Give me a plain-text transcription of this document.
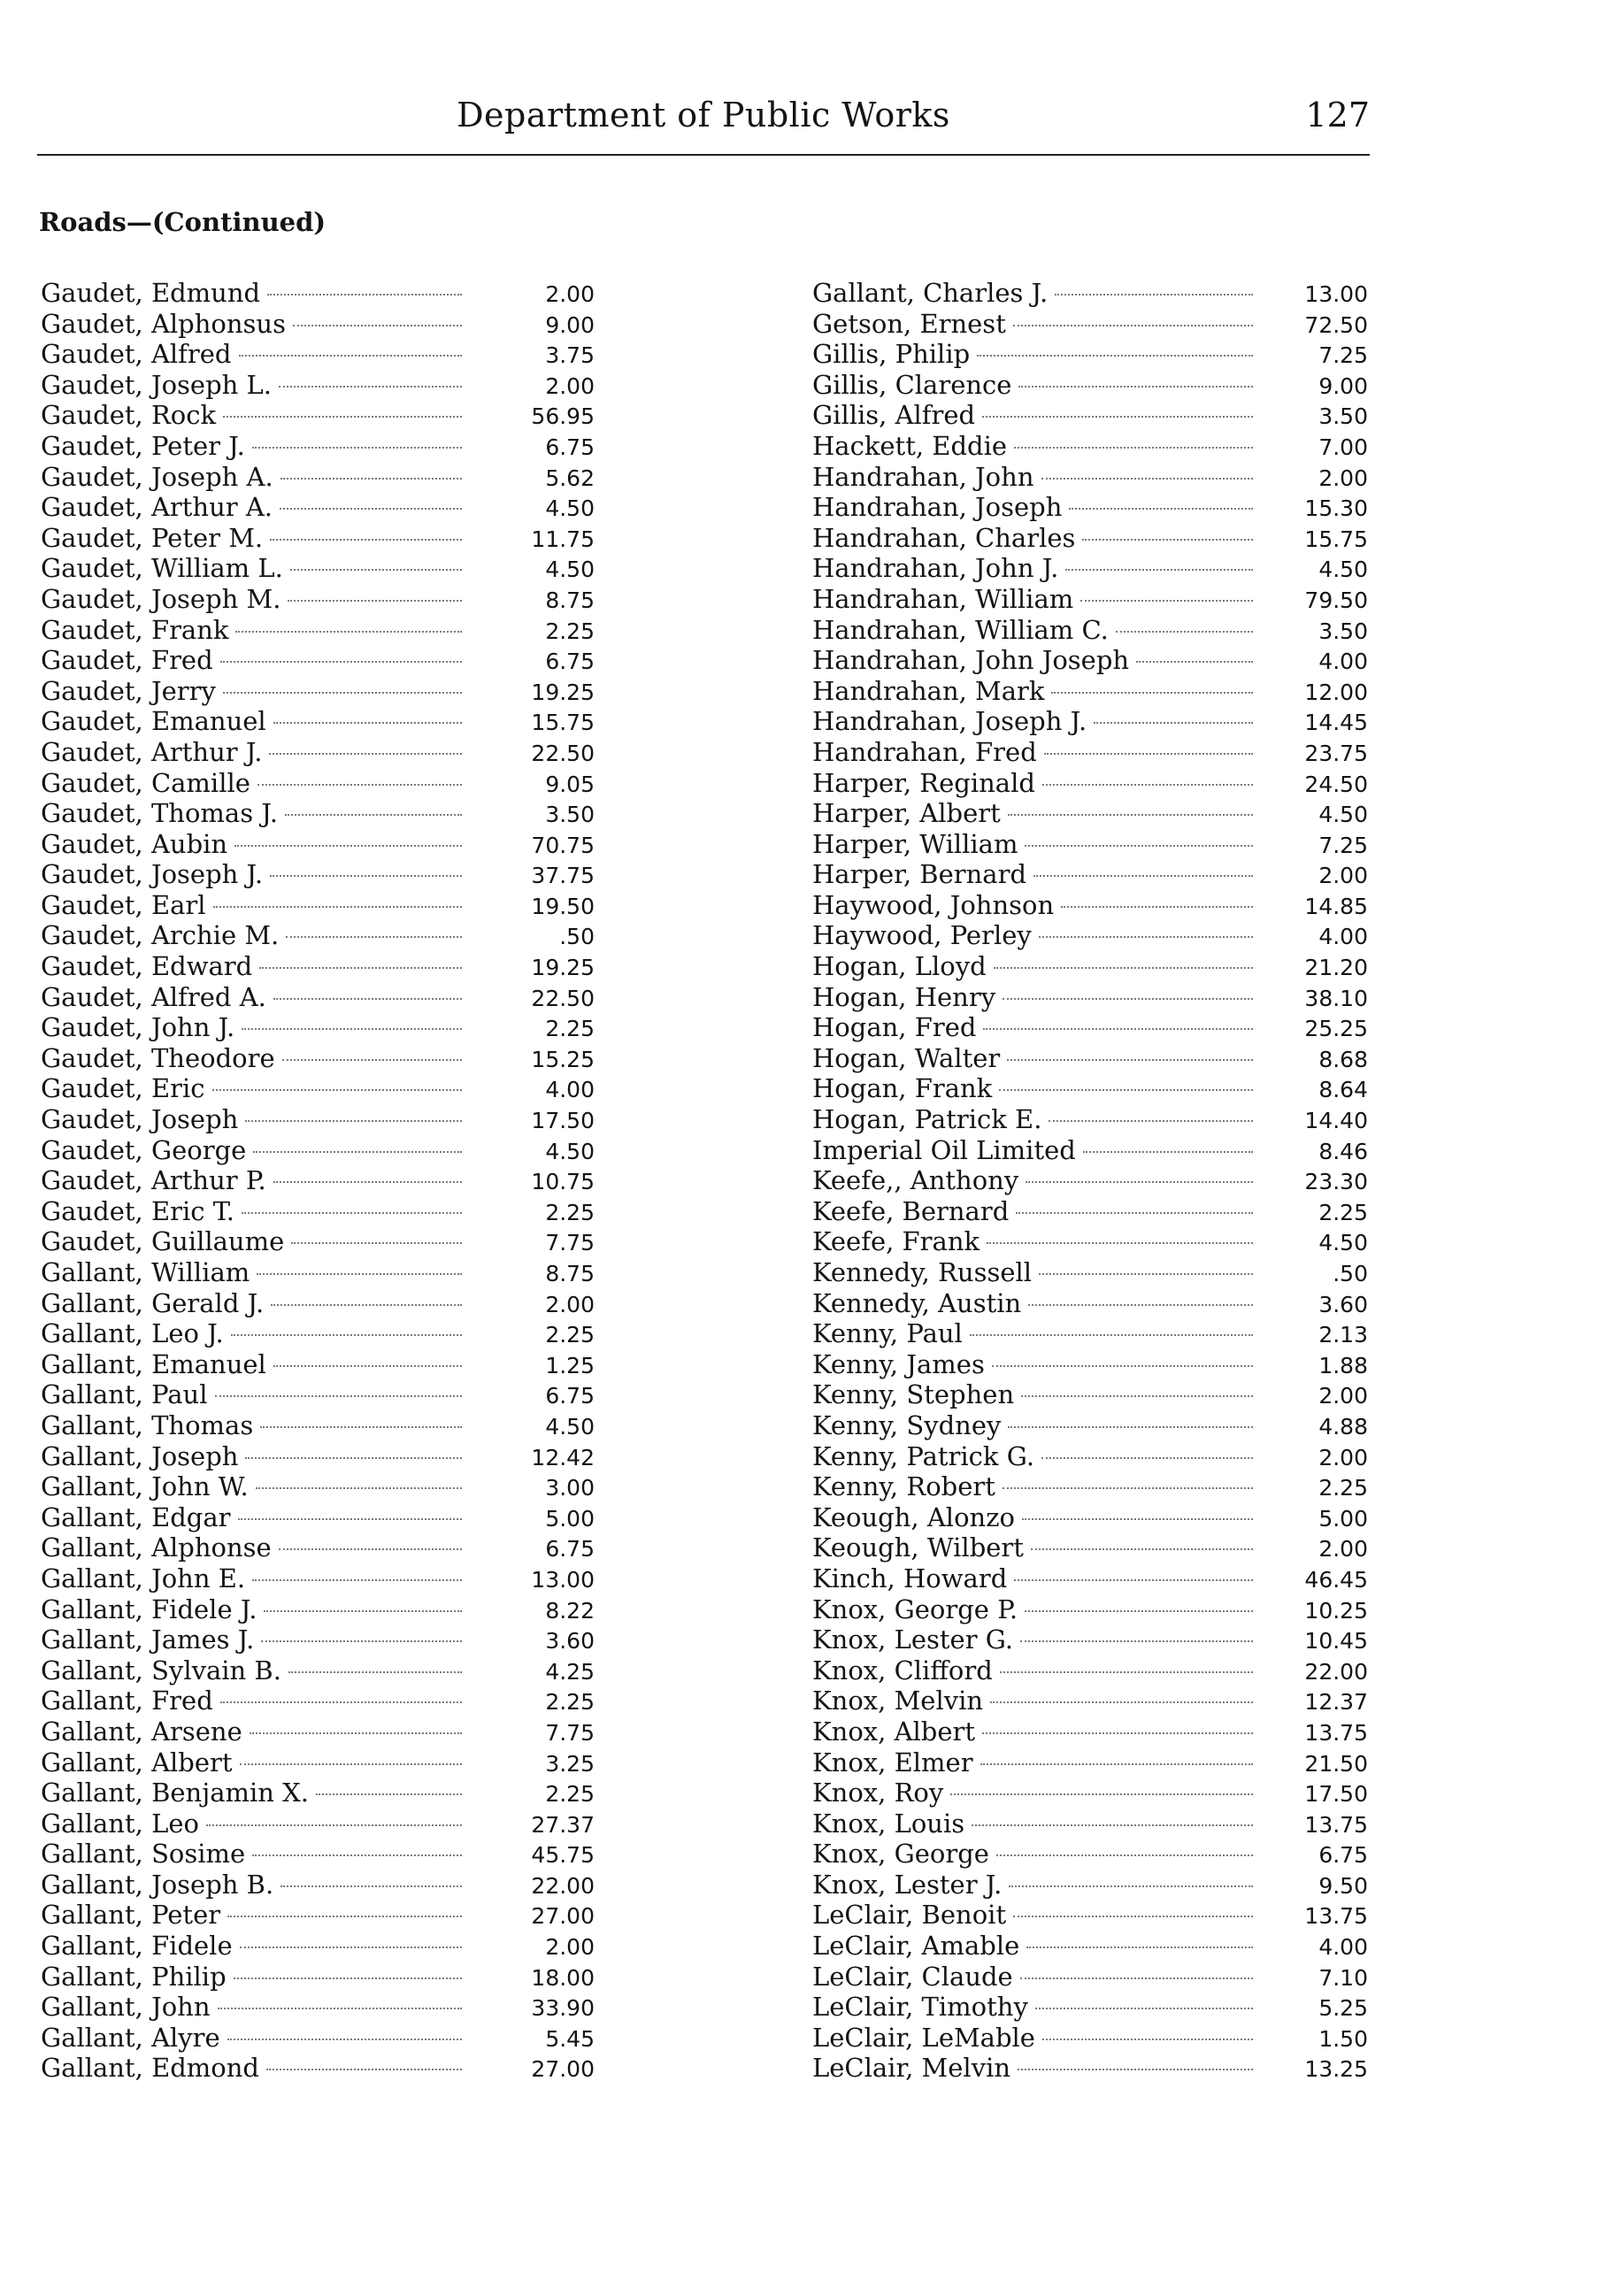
Department of Public Works	127
Roads—(Continued)
Gaudet, Edmund	2.00
Gaudet, Alphonsus	9.00
Gaudet, Alfred	3.75
Gaudet, Joseph L.	2.00
Gaudet, Rock	56.95
Gaudet, Peter J.	6.75
Gaudet, Joseph A.	5.62
Gaudet, Arthur A.	4.50
Gaudet, Peter M.	11.75
Gaudet, William L.	4.50
Gaudet, Joseph M.	8.75
Gaudet, Frank	2.25
Gaudet, Fred	6.75
Gaudet, Jerry	19.25
Gaudet, Emanuel	15.75
Gaudet, Arthur J.	22.50
Gaudet, Camille	9.05
Gaudet, Thomas J.	3.50
Gaudet, Aubin	70.75
Gaudet, Joseph J.	37.75
Gaudet, Earl	19.50
Gaudet, Archie M.	.50
Gaudet, Edward	19.25
Gaudet, Alfred A.	22.50
Gaudet, John J.	2.25
Gaudet, Theodore	15.25
Gaudet, Eric	4.00
Gaudet, Joseph	17.50
Gaudet, George	4.50
Gaudet, Arthur P.	10.75
Gaudet, Eric T.	2.25
Gaudet, Guillaume	7.75
Gallant, William	8.75
Gallant, Gerald J.	2.00
Gallant, Leo J.	2.25
Gallant, Emanuel	1.25
Gallant, Paul	6.75
Gallant, Thomas	4.50
Gallant, Joseph	12.42
Gallant, John W.	3.00
Gallant, Edgar	5.00
Gallant, Alphonse	6.75
Gallant, John E.	13.00
Gallant, Fidele J.	8.22
Gallant, James J.	3.60
Gallant, Sylvain B.	4.25
Gallant, Fred	2.25
Gallant, Arsene	7.75
Gallant, Albert	3.25
Gallant, Benjamin X.	2.25
Gallant, Leo	27.37
Gallant, Sosime	45.75
Gallant, Joseph B.	22.00
Gallant, Peter	27.00
Gallant, Fidele	2.00
Gallant, Philip	18.00
Gallant, John	33.90
Gallant, Alyre	5.45
Gallant, Edmond	27.00
Gallant, Charles J.	13.00
Getson, Ernest	72.50
Gillis, Philip	7.25
Gillis, Clarence	9.00
Gillis, Alfred	3.50
Hackett, Eddie	7.00
Handrahan, John	2.00
Handrahan, Joseph	15.30
Handrahan, Charles	15.75
Handrahan, John J.	4.50
Handrahan, William	79.50
Handrahan, William C.	3.50
Handrahan, John Joseph	4.00
Handrahan, Mark	12.00
Handrahan, Joseph J.	14.45
Handrahan, Fred	23.75
Harper, Reginald	24.50
Harper, Albert	4.50
Harper, William	7.25
Harper, Bernard	2.00
Haywood, Johnson	14.85
Haywood, Perley	4.00
Hogan, Lloyd	21.20
Hogan, Henry	38.10
Hogan, Fred	25.25
Hogan, Walter	8.68
Hogan, Frank	8.64
Hogan, Patrick E.	14.40
Imperial Oil Limited	8.46
Keefe,, Anthony	23.30
Keefe, Bernard	2.25
Keefe, Frank	4.50
Kennedy, Russell	.50
Kennedy, Austin	3.60
Kenny, Paul	2.13
Kenny, James	1.88
Kenny, Stephen	2.00
Kenny, Sydney	4.88
Kenny, Patrick G.	2.00
Kenny, Robert	2.25
Keough, Alonzo	5.00
Keough, Wilbert	2.00
Kinch, Howard	46.45
Knox, George P.	10.25
Knox, Lester G.	10.45
Knox, Clifford	22.00
Knox, Melvin	12.37
Knox, Albert	13.75
Knox, Elmer	21.50
Knox, Roy	17.50
Knox, Louis	13.75
Knox, George	6.75
Knox, Lester J.	9.50
LeClair, Benoit	13.75
LeClair, Amable	4.00
LeClair, Claude	7.10
LeClair, Timothy	5.25
LeClair, LeMable	1.50
LeClair, Melvin	13.25
